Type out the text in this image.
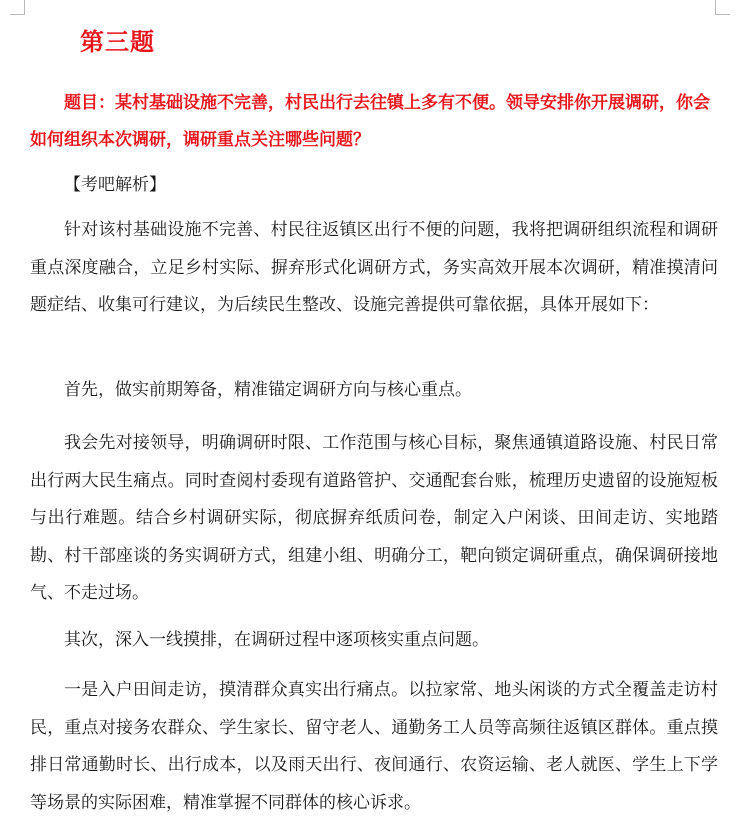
第三题

题目：某村基础设施不完善，村民出行去往镇上多有不便。领导安排你开展调研，你会如何组织本次调研，调研重点关注哪些问题？

【考吧解析】

针对该村基础设施不完善、村民往返镇区出行不便的问题，我将把调研组织流程和调研重点深度融合，立足乡村实际、摒弃形式化调研方式，务实高效开展本次调研，精准摸清问题症结、收集可行建议，为后续民生整改、设施完善提供可靠依据，具体开展如下：

首先，做实前期筹备，精准锚定调研方向与核心重点。

我会先对接领导，明确调研时限、工作范围与核心目标，聚焦通镇道路设施、村民日常出行两大民生痛点。同时查阅村委现有道路管护、交通配套台账，梳理历史遗留的设施短板与出行难题。结合乡村调研实际，彻底摒弃纸质问卷，制定入户闲谈、田间走访、实地踏勘、村干部座谈的务实调研方式，组建小组、明确分工，靶向锁定调研重点，确保调研接地气、不走过场。

其次，深入一线摸排，在调研过程中逐项核实重点问题。

一是入户田间走访，摸清群众真实出行痛点。以拉家常、地头闲谈的方式全覆盖走访村民，重点对接务农群众、学生家长、留守老人、通勤务工人员等高频往返镇区群体。重点摸排日常通勤时长、出行成本，以及雨天出行、夜间通行、农资运输、老人就医、学生上下学等场景的实际困难，精准掌握不同群体的核心诉求。
